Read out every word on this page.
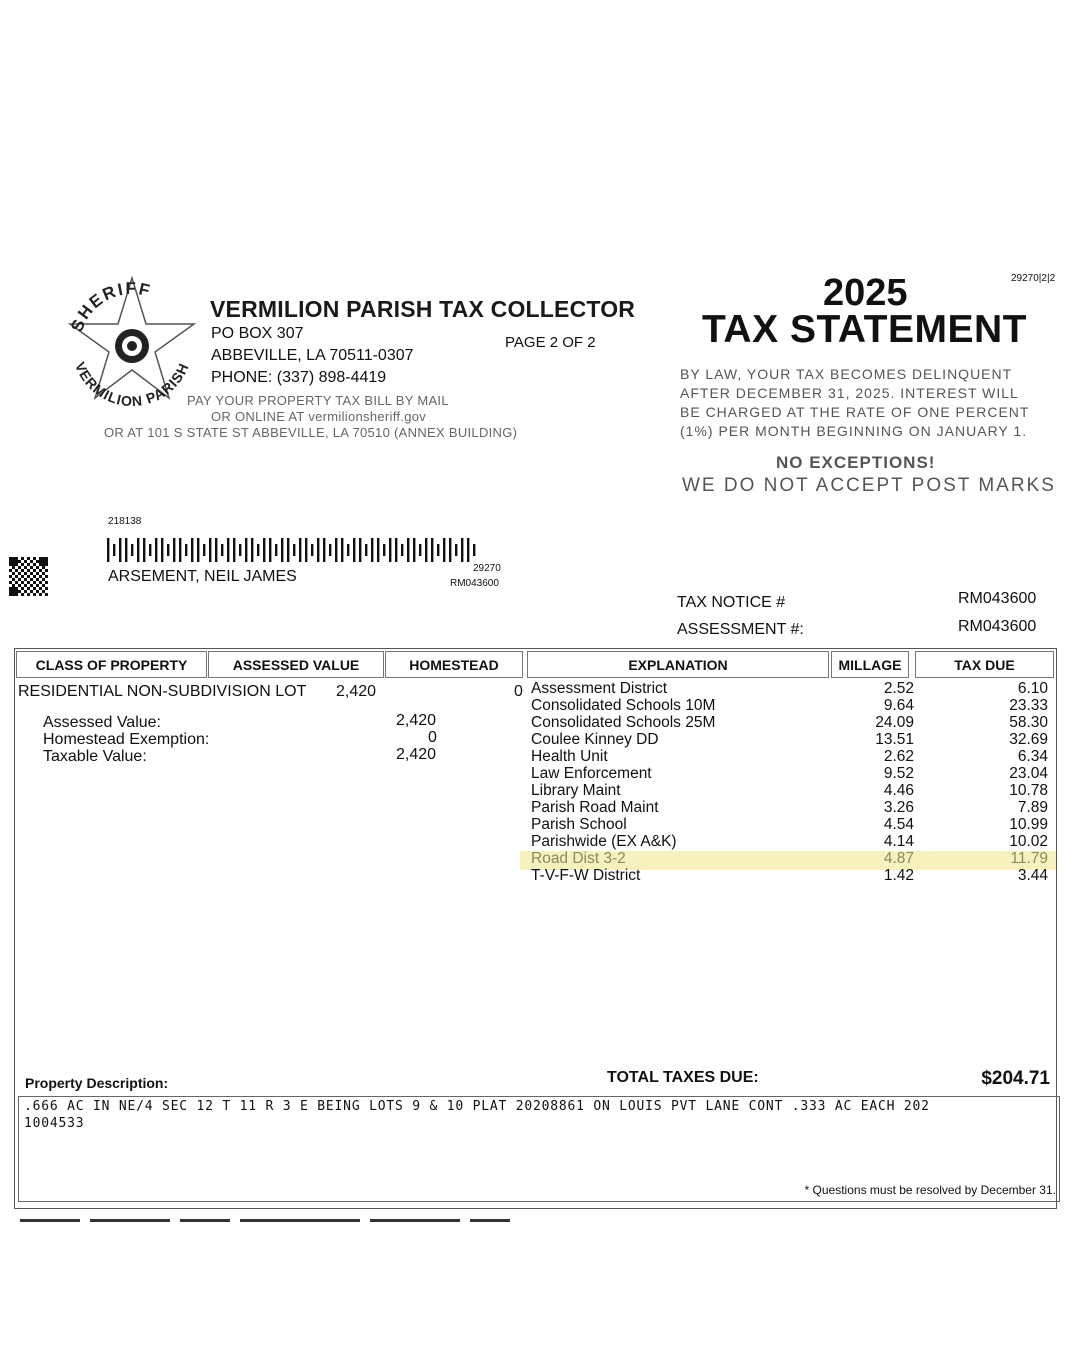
SHERIFF
VERMILION PARISH
VERMILION PARISH TAX COLLECTOR
PO BOX 307
ABBEVILLE, LA 70511-0307
PHONE: (337) 898-4419
PAGE 2 OF 2
PAY YOUR PROPERTY TAX BILL BY MAIL
OR ONLINE AT vermilionsheriff.gov
OR AT 101 S STATE ST ABBEVILLE, LA 70510 (ANNEX BUILDING)
29270|2|2
2025
TAX STATEMENT
BY LAW, YOUR TAX BECOMES DELINQUENT
AFTER DECEMBER 31, 2025. INTEREST WILL
BE CHARGED AT THE RATE OF ONE PERCENT
(1%) PER MONTH BEGINNING ON JANUARY 1.
NO EXCEPTIONS!
WE DO NOT ACCEPT POST MARKS
218138
ARSEMENT, NEIL JAMES	29270
RM043600
TAX NOTICE #	RM043600
ASSESSMENT #:	RM043600
CLASS OF PROPERTY	ASSESSED VALUE	HOMESTEAD	EXPLANATION	MILLAGE	TAX DUE
RESIDENTIAL NON-SUBDIVISION LOT 2,420	0
Assessed Value:	2,420
Homestead Exemption:	0
Taxable Value:	2,420
Assessment District	2.52	6.10
Consolidated Schools 10M	9.64	23.33
Consolidated Schools 25M	24.09	58.30
Coulee Kinney DD	13.51	32.69
Health Unit	2.62	6.34
Law Enforcement	9.52	23.04
Library Maint	4.46	10.78
Parish Road Maint	3.26	7.89
Parish School	4.54	10.99
Parishwide (EX A&K)	4.14	10.02
Road Dist 3-2	4.87	11.79
T-V-F-W District	1.42	3.44
Property Description:	TOTAL TAXES DUE:	$204.71
.666 AC IN NE/4 SEC 12 T 11 R 3 E BEING LOTS 9 & 10 PLAT 20208861 ON LOUIS PVT LANE CONT .333 AC EACH 202
1004533
* Questions must be resolved by December 31.
